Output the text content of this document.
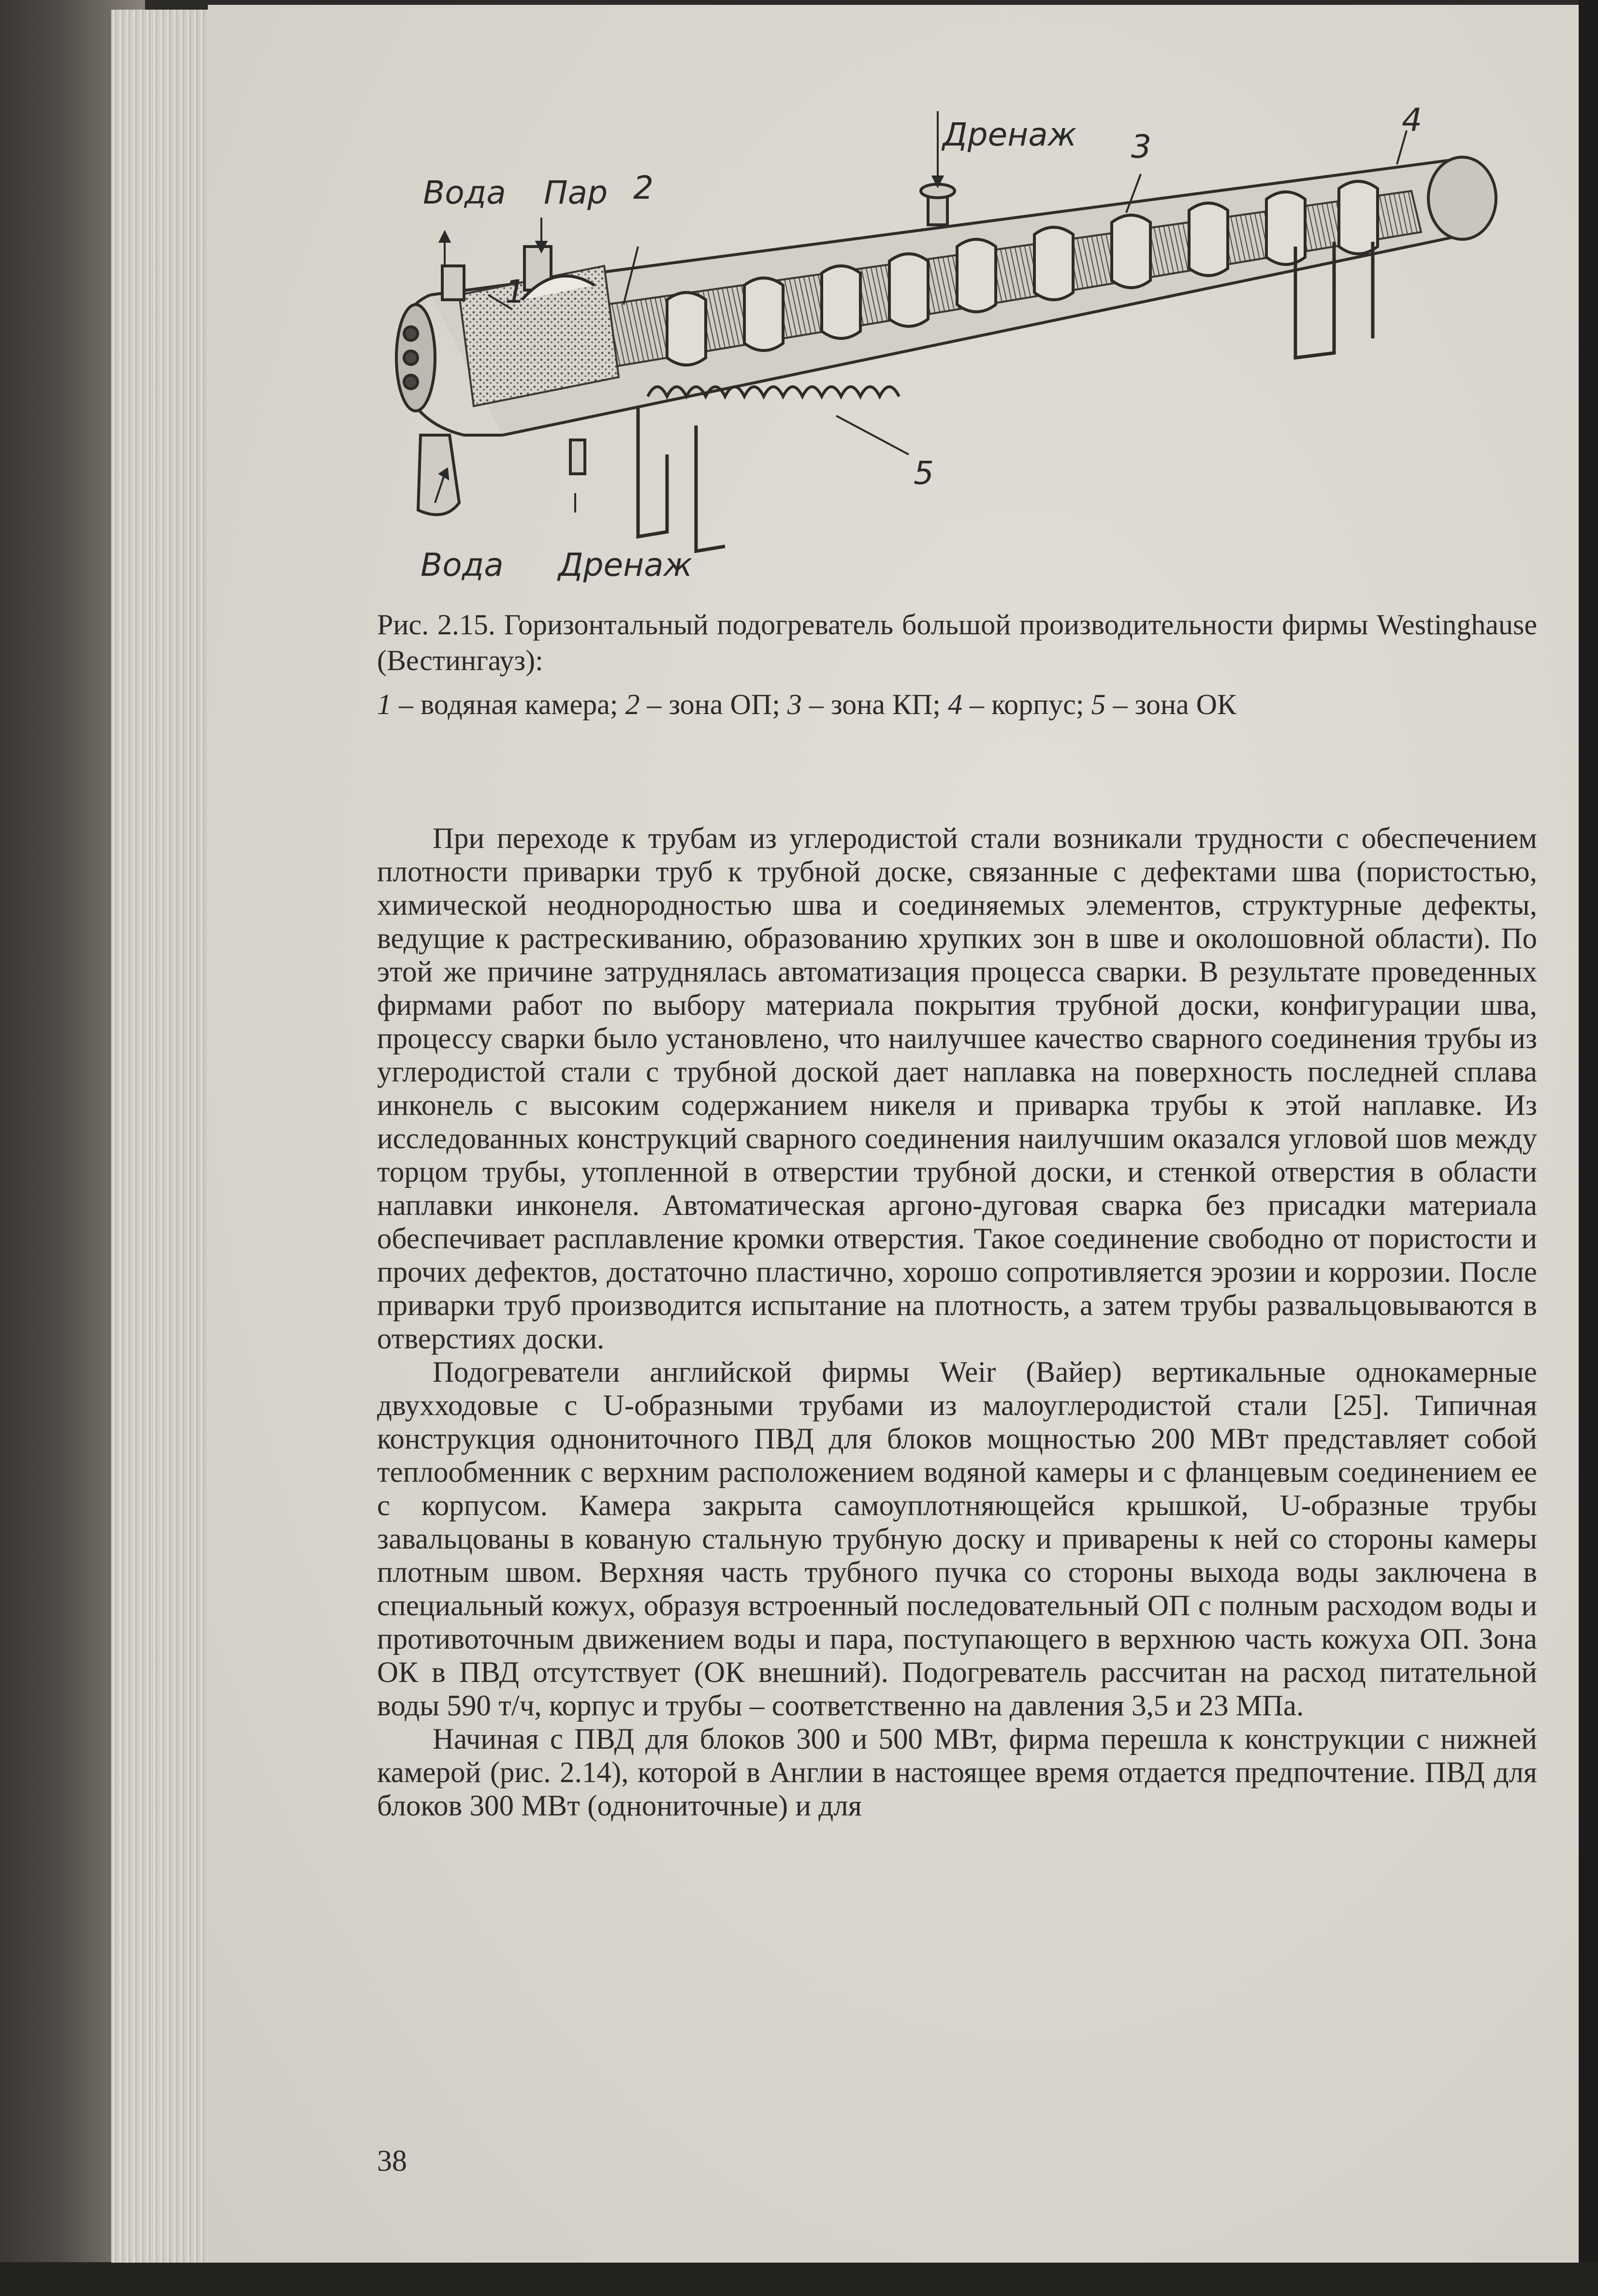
Вода Пар 2
Дренаж 3
4
1
5
Вода Дренаж

Рис. 2.15. Горизонтальный подогреватель большой производительности фирмы Westinghause (Вестингауз):

1 – водяная камера; 2 – зона ОП; 3 – зона КП; 4 – корпус; 5 – зона ОК

При переходе к трубам из углеродистой стали возникали трудности с обеспечением плотности приварки труб к трубной доске, связанные с дефектами шва (пористостью, химической неоднородностью шва и соединяемых элементов, структурные дефекты, ведущие к растрескиванию, образованию хрупких зон в шве и околошовной области). По этой же причине затруднялась автоматизация процесса сварки. В результате проведенных фирмами работ по выбору материала покрытия трубной доски, конфигурации шва, процессу сварки было установлено, что наилучшее качество сварного соединения трубы из углеродистой стали с трубной доской дает наплавка на поверхность последней сплава инконель с высоким содержанием никеля и приварка трубы к этой наплавке. Из исследованных конструкций сварного соединения наилучшим оказался угловой шов между торцом трубы, утопленной в отверстии трубной доски, и стенкой отверстия в области наплавки инконеля. Автоматическая аргоно-дуговая сварка без присадки материала обеспечивает расплавление кромки отверстия. Такое соединение свободно от пористости и прочих дефектов, достаточно пластично, хорошо сопротивляется эрозии и коррозии. После приварки труб производится испытание на плотность, а затем трубы развальцовываются в отверстиях доски.

Подогреватели английской фирмы Weir (Вайер) вертикальные однокамерные двухходовые с U-образными трубами из малоуглеродистой стали [25]. Типичная конструкция однониточного ПВД для блоков мощностью 200 МВт представляет собой теплообменник с верхним расположением водяной камеры и с фланцевым соединением ее с корпусом. Камера закрыта самоуплотняющейся крышкой, U-образные трубы завальцованы в кованую стальную трубную доску и приварены к ней со стороны камеры плотным швом. Верхняя часть трубного пучка со стороны выхода воды заключена в специальный кожух, образуя встроенный последовательный ОП с полным расходом воды и противоточным движением воды и пара, поступающего в верхнюю часть кожуха ОП. Зона ОК в ПВД отсутствует (ОК внешний). Подогреватель рассчитан на расход питательной воды 590 т/ч, корпус и трубы – соответственно на давления 3,5 и 23 МПа.

Начиная с ПВД для блоков 300 и 500 МВт, фирма перешла к конструкции с нижней камерой (рис. 2.14), которой в Англии в настоящее время отдается предпочтение. ПВД для блоков 300 МВт (однониточные) и для

38
